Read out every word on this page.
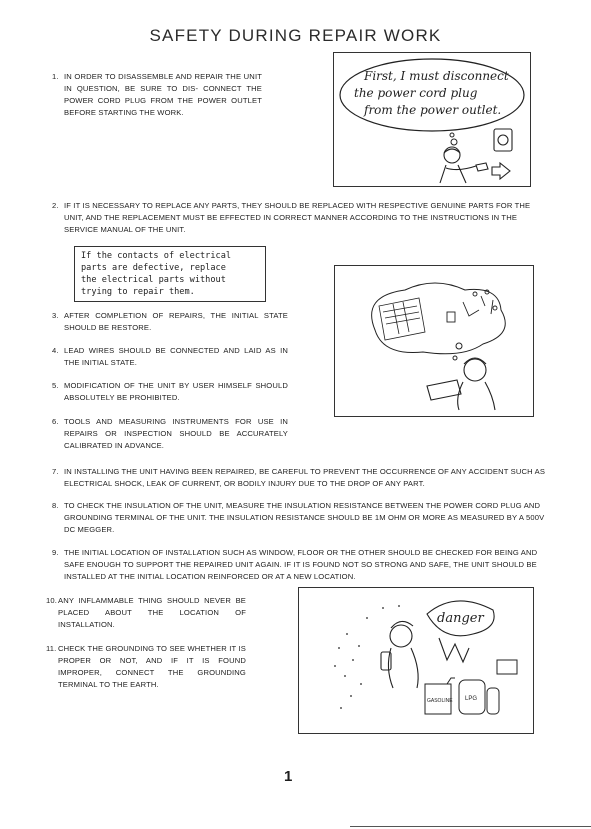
SAFETY DURING REPAIR WORK
1. IN ORDER TO DISASSEMBLE AND REPAIR THE UNIT IN QUESTION, BE SURE TO DIS- CONNECT THE POWER CORD PLUG FROM THE POWER OUTLET BEFORE STARTING THE WORK.
First, I must disconnect
the power cord plug
from the power outlet.
2. IF IT IS NECESSARY TO REPLACE ANY PARTS, THEY SHOULD BE REPLACED WITH RESPECTIVE GENUINE PARTS FOR THE UNIT, AND THE REPLACEMENT MUST BE EFFECTED IN CORRECT MANNER ACCORDING TO THE INSTRUCTIONS IN THE SERVICE MANUAL OF THE UNIT.
If the contacts of electrical
parts are defective, replace
the electrical parts without
trying to repair them.
3. AFTER COMPLETION OF REPAIRS, THE INITIAL STATE SHOULD BE RESTORE.
4. LEAD WIRES SHOULD BE CONNECTED AND LAID AS IN THE INITIAL STATE.
5. MODIFICATION OF THE UNIT BY USER HIMSELF SHOULD ABSOLUTELY BE PROHIBITED.
6. TOOLS AND MEASURING INSTRUMENTS FOR USE IN REPAIRS OR INSPECTION SHOULD BE ACCURATELY CALIBRATED IN ADVANCE.
7. IN INSTALLING THE UNIT HAVING BEEN REPAIRED, BE CAREFUL TO PREVENT THE OCCURRENCE OF ANY ACCIDENT SUCH AS ELECTRICAL SHOCK, LEAK OF CURRENT, OR BODILY INJURY DUE TO THE DROP OF ANY PART.
8. TO CHECK THE INSULATION OF THE UNIT, MEASURE THE INSULATION RESISTANCE BETWEEN THE POWER CORD PLUG AND GROUNDING TERMINAL OF THE UNIT. THE INSULATION RESISTANCE SHOULD BE 1M OHM OR MORE AS MEASURED BY A 500V DC MEGGER.
9. THE INITIAL LOCATION OF INSTALLATION SUCH AS WINDOW, FLOOR OR THE OTHER SHOULD BE CHECKED FOR BEING AND SAFE ENOUGH TO SUPPORT THE REPAIRED UNIT AGAIN. IF IT IS FOUND NOT SO STRONG AND SAFE, THE UNIT SHOULD BE INSTALLED AT THE INITIAL LOCATION REINFORCED OR AT A NEW LOCATION.
10. ANY INFLAMMABLE THING SHOULD NEVER BE PLACED ABOUT THE LOCATION OF INSTALLATION.
11. CHECK THE GROUNDING TO SEE WHETHER IT IS PROPER OR NOT, AND IF IT IS FOUND IMPROPER, CONNECT THE GROUNDING TERMINAL TO THE EARTH.
danger
GASOLINE LPG
1
